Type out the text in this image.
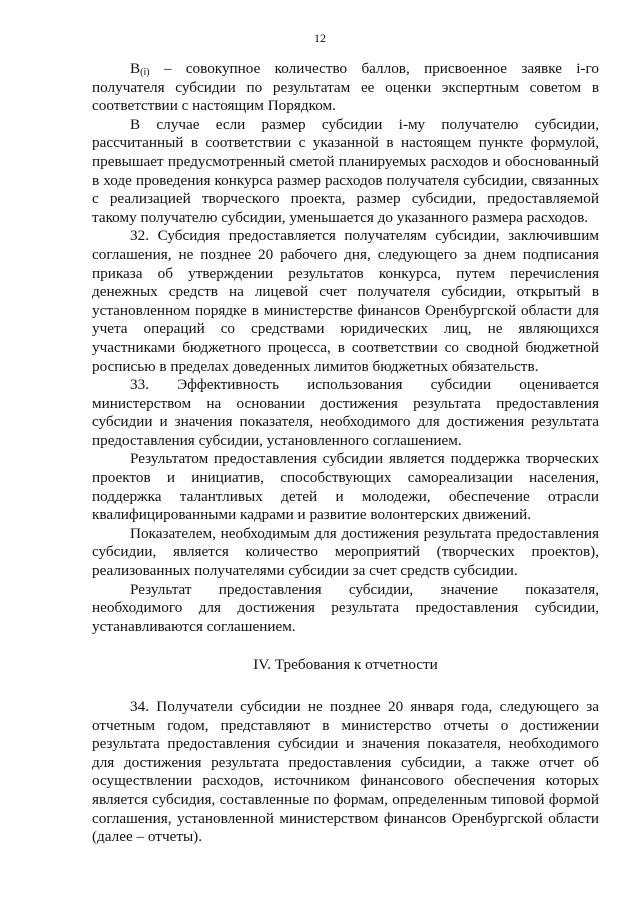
12

$В_{(i)}$ – совокупное количество баллов, присвоенное заявке i-го получателя субсидии по результатам ее оценки экспертным советом в соответствии с настоящим Порядком.

В случае если размер субсидии i-му получателю субсидии, рассчитанный в соответствии с указанной в настоящем пункте формулой, превышает предусмотренный сметой планируемых расходов и обоснованный в ходе проведения конкурса размер расходов получателя субсидии, связанных с реализацией творческого проекта, размер субсидии, предоставляемой такому получателю субсидии, уменьшается до указанного размера расходов.

32. Субсидия предоставляется получателям субсидии, заключившим соглашения, не позднее 20 рабочего дня, следующего за днем подписания приказа об утверждении результатов конкурса, путем перечисления денежных средств на лицевой счет получателя субсидии, открытый в установленном порядке в министерстве финансов Оренбургской области для учета операций со средствами юридических лиц, не являющихся участниками бюджетного процесса, в соответствии со сводной бюджетной росписью в пределах доведенных лимитов бюджетных обязательств.

33. Эффективность использования субсидии оценивается министерством на основании достижения результата предоставления субсидии и значения показателя, необходимого для достижения результата предоставления субсидии, установленного соглашением.

Результатом предоставления субсидии является поддержка творческих проектов и инициатив, способствующих самореализации населения, поддержка талантливых детей и молодежи, обеспечение отрасли квалифицированными кадрами и развитие волонтерских движений.

Показателем, необходимым для достижения результата предоставления субсидии, является количество мероприятий (творческих проектов), реализованных получателями субсидии за счет средств субсидии.

Результат предоставления субсидии, значение показателя, необходимого для достижения результата предоставления субсидии, устанавливаются соглашением.

IV. Требования к отчетности

34. Получатели субсидии не позднее 20 января года, следующего за отчетным годом, представляют в министерство отчеты о достижении результата предоставления субсидии и значения показателя, необходимого для достижения результата предоставления субсидии, а также отчет об осуществлении расходов, источником финансового обеспечения которых является субсидия, составленные по формам, определенным типовой формой соглашения, установленной министерством финансов Оренбургской области (далее – отчеты).
